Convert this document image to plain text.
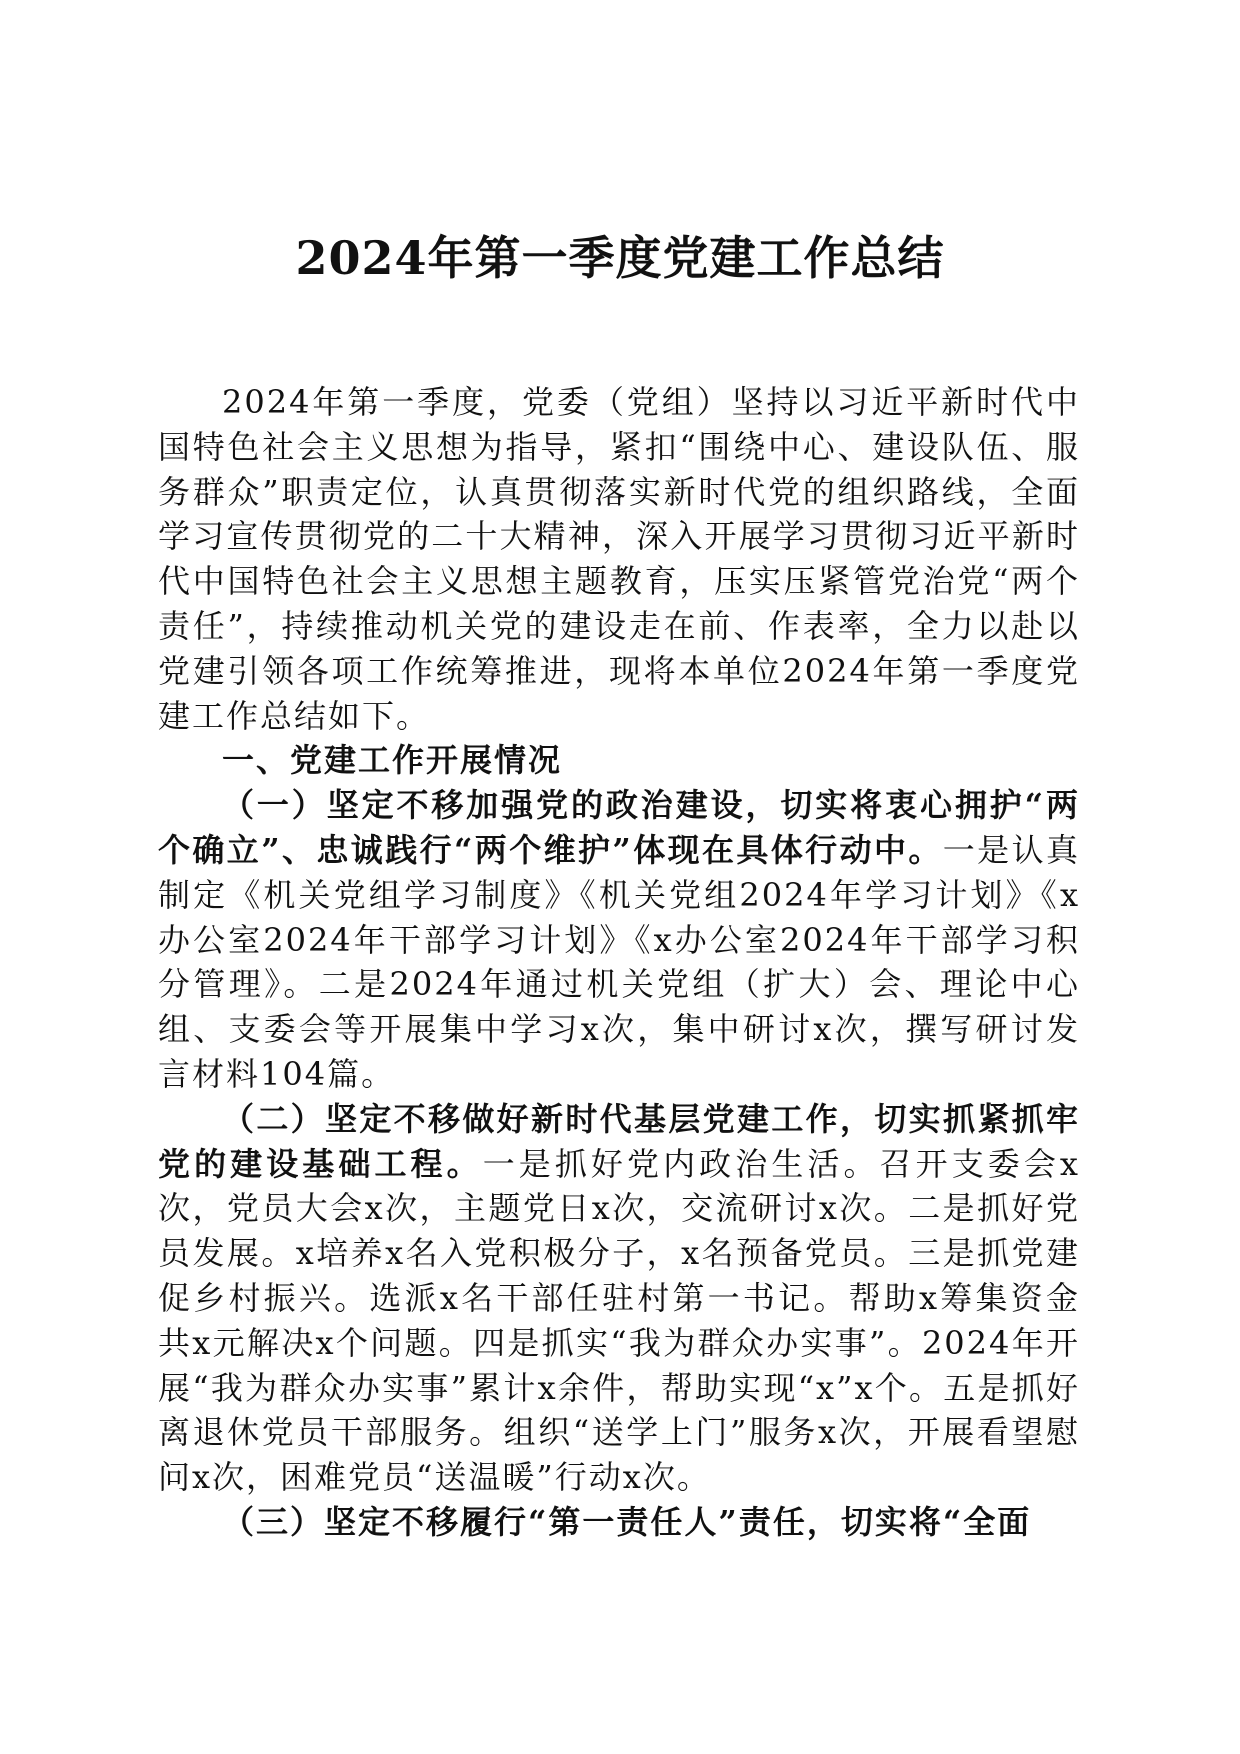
2024年第一季度党建工作总结

2024年第一季度，党委（党组）坚持以习近平新时代中国特色社会主义思想为指导，紧扣“围绕中心、建设队伍、服务群众”职责定位，认真贯彻落实新时代党的组织路线，全面学习宣传贯彻党的二十大精神，深入开展学习贯彻习近平新时代中国特色社会主义思想主题教育，压实压紧管党治党“两个责任”，持续推动机关党的建设走在前、作表率，全力以赴以党建引领各项工作统筹推进，现将本单位2024年第一季度党建工作总结如下。

一、党建工作开展情况

（一）坚定不移加强党的政治建设，切实将衷心拥护“两个确立”、忠诚践行“两个维护”体现在具体行动中。一是认真制定《机关党组学习制度》《机关党组2024年学习计划》《x办公室2024年干部学习计划》《x办公室2024年干部学习积分管理》。二是2024年通过机关党组（扩大）会、理论中心组、支委会等开展集中学习x次，集中研讨x次，撰写研讨发言材料104篇。

（二）坚定不移做好新时代基层党建工作，切实抓紧抓牢党的建设基础工程。一是抓好党内政治生活。召开支委会x次，党员大会x次，主题党日x次，交流研讨x次。二是抓好党员发展。x培养x名入党积极分子，x名预备党员。三是抓党建促乡村振兴。选派x名干部任驻村第一书记。帮助x筹集资金共x元解决x个问题。四是抓实“我为群众办实事”。2024年开展“我为群众办实事”累计x余件，帮助实现“x”x个。五是抓好离退休党员干部服务。组织“送学上门”服务x次，开展看望慰问x次，困难党员“送温暖”行动x次。

（三）坚定不移履行“第一责任人”责任，切实将“全面
